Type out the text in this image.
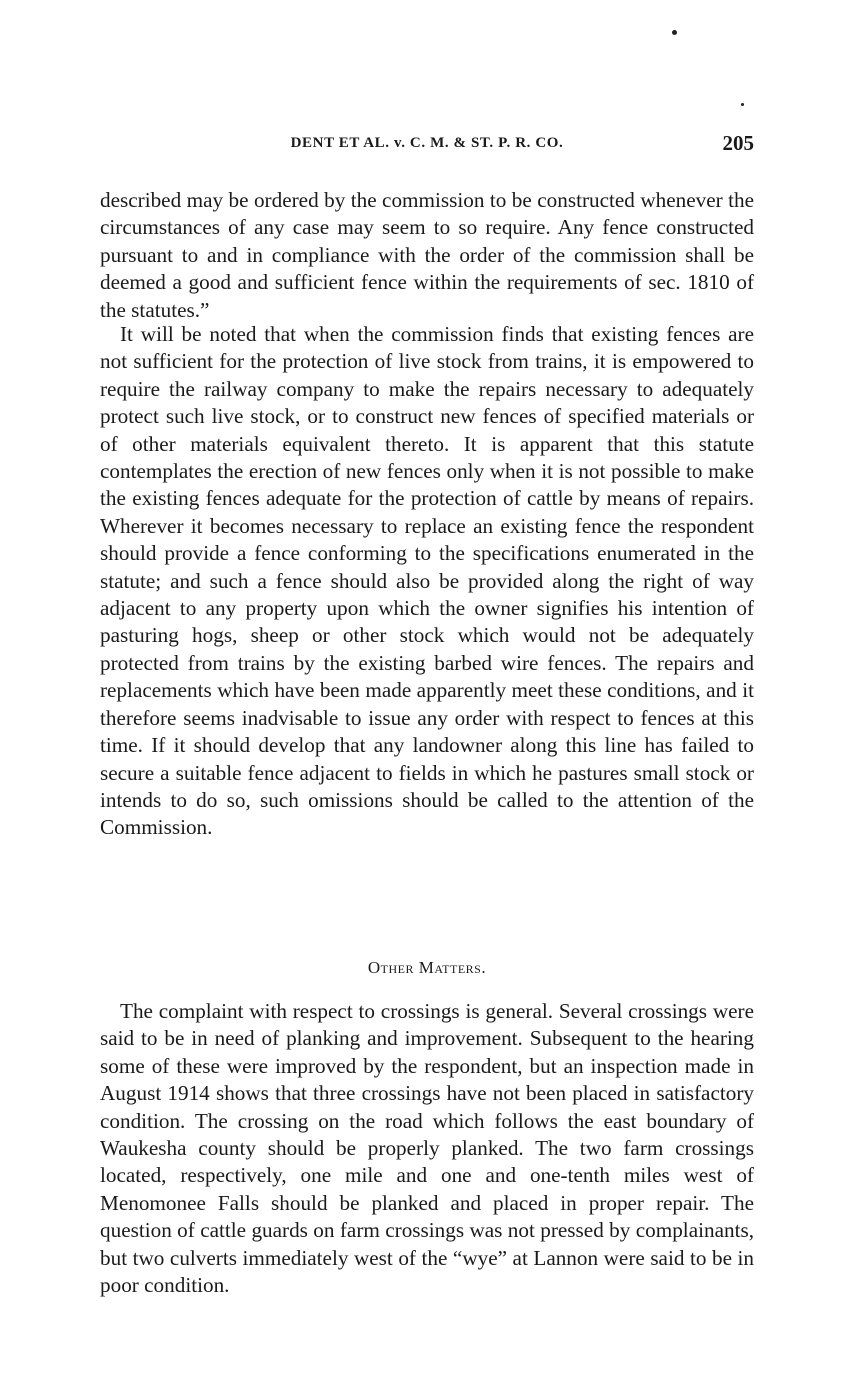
DENT ET AL. v. C. M. & ST. P. R. CO.	205

described may be ordered by the commission to be constructed whenever the circumstances of any case may seem to so require. Any fence constructed pursuant to and in compliance with the order of the commission shall be deemed a good and sufficient fence within the requirements of sec. 1810 of the statutes.”

It will be noted that when the commission finds that existing fences are not sufficient for the protection of live stock from trains, it is empowered to require the railway company to make the repairs necessary to adequately protect such live stock, or to construct new fences of specified materials or of other materials equivalent thereto. It is apparent that this statute contemplates the erection of new fences only when it is not possible to make the existing fences adequate for the protection of cattle by means of repairs. Wherever it becomes necessary to replace an existing fence the respondent should provide a fence conforming to the specifications enumerated in the statute; and such a fence should also be provided along the right of way adjacent to any property upon which the owner signifies his intention of pasturing hogs, sheep or other stock which would not be adequately protected from trains by the existing barbed wire fences. The repairs and replacements which have been made apparently meet these conditions, and it therefore seems inadvisable to issue any order with respect to fences at this time. If it should develop that any landowner along this line has failed to secure a suitable fence adjacent to fields in which he pastures small stock or intends to do so, such omissions should be called to the attention of the Commission.

Other Matters.

The complaint with respect to crossings is general. Several crossings were said to be in need of planking and improvement. Subsequent to the hearing some of these were improved by the respondent, but an inspection made in August 1914 shows that three crossings have not been placed in satisfactory condition. The crossing on the road which follows the east boundary of Waukesha county should be properly planked. The two farm crossings located, respectively, one mile and one and one-tenth miles west of Menomonee Falls should be planked and placed in proper repair. The question of cattle guards on farm crossings was not pressed by complainants, but two culverts immediately west of the “wye” at Lannon were said to be in poor condition.
